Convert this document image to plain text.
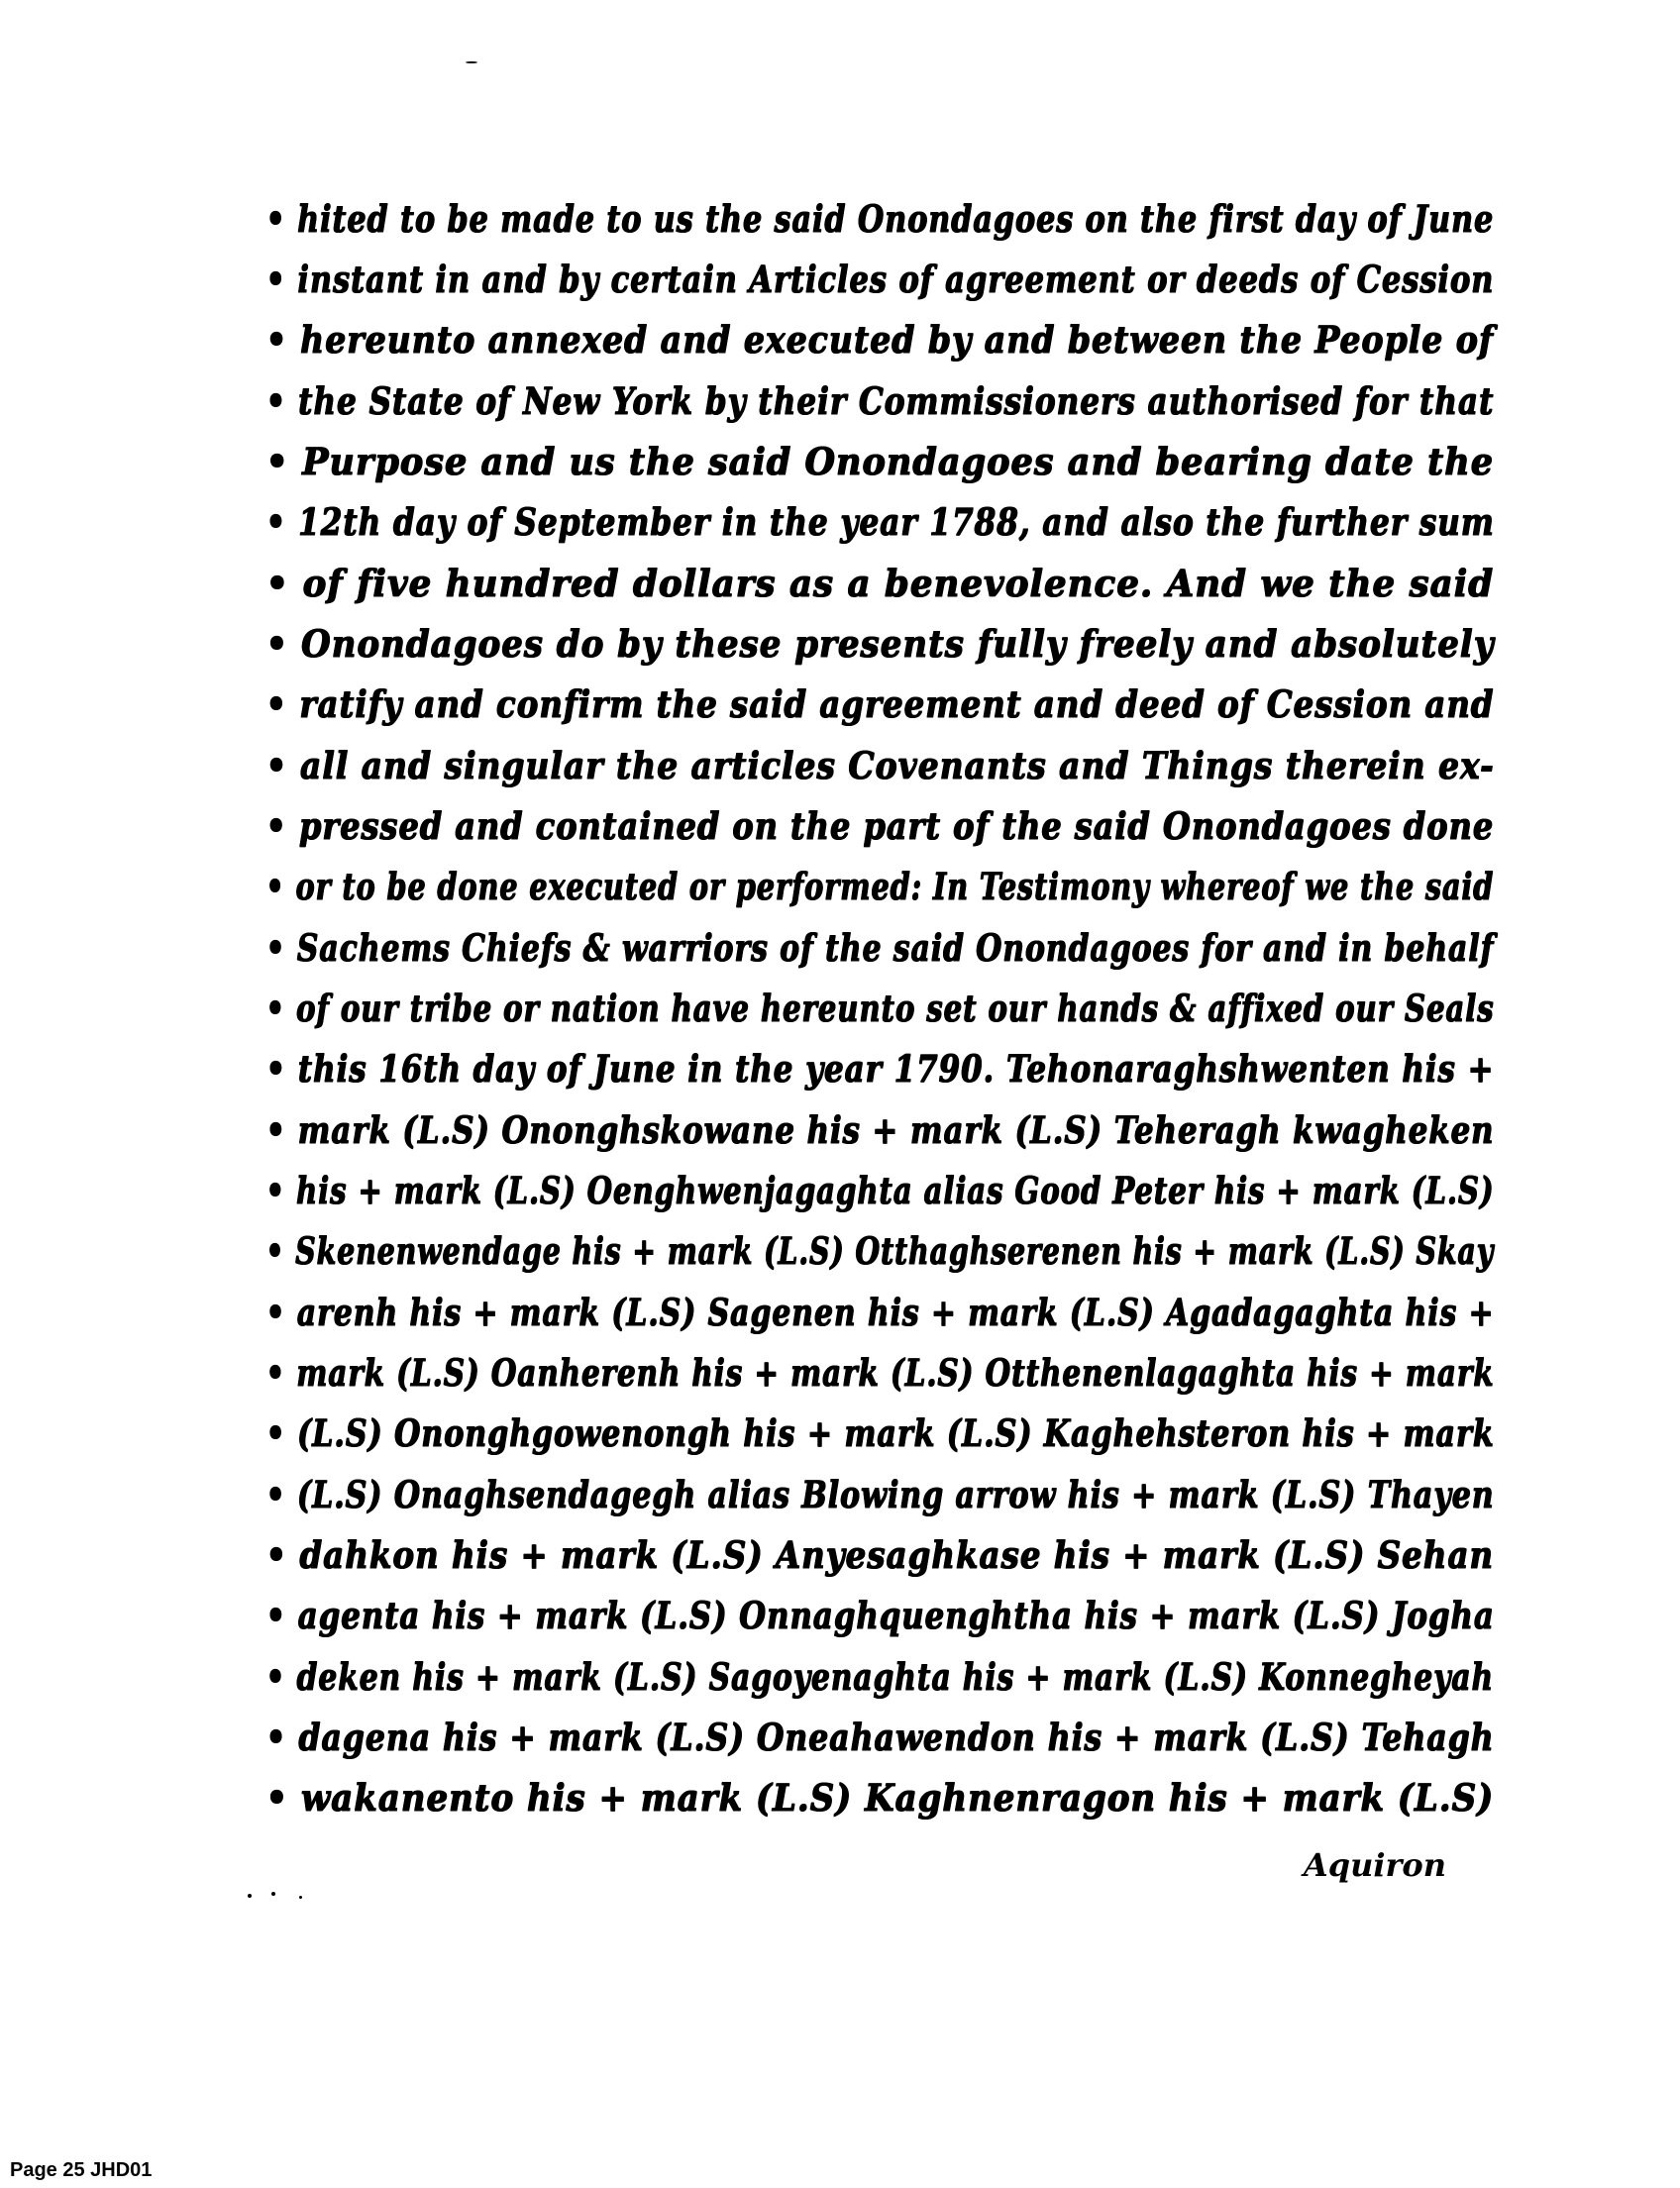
• hited to be made to us the said Onondagoes on the first day of June
• instant in and by certain Articles of agreement or deeds of Cession
• hereunto annexed and executed by and between the People of
• the State of New York by their Commissioners authorised for that
• Purpose and us the said Onondagoes and bearing date the
• 12th day of September in the year 1788, and also the further sum
• of five hundred dollars as a benevolence. And we the said
• Onondagoes do by these presents fully freely and absolutely
• ratify and confirm the said agreement and deed of Cession and
• all and singular the articles Covenants and Things therein ex-
• pressed and contained on the part of the said Onondagoes done
• or to be done executed or performed: In Testimony whereof we the said
• Sachems Chiefs & warriors of the said Onondagoes for and in behalf
• of our tribe or nation have hereunto set our hands & affixed our Seals
• this 16th day of June in the year 1790. Tehonaraghshwenten his +
• mark (L.S) Ononghskowane his + mark (L.S) Teheragh kwagheken
• his + mark (L.S) Oenghwenjagaghta alias Good Peter his + mark (L.S)
• Skenenwendage his + mark (L.S) Otthaghserenen his + mark (L.S) Skay
• arenh his + mark (L.S) Sagenen his + mark (L.S) Agadagaghta his +
• mark (L.S) Oanherenh his + mark (L.S) Otthenenlagaghta his + mark
• (L.S) Ononghgowenongh his + mark (L.S) Kaghehsteron his + mark
• (L.S) Onaghsendagegh alias Blowing arrow his + mark (L.S) Thayen
• dahkon his + mark (L.S) Anyesaghkase his + mark (L.S) Sehan
• agenta his + mark (L.S) Onnaghquenghtha his + mark (L.S) Jogha
• deken his + mark (L.S) Sagoyenaghta his + mark (L.S) Konnegheyah
• dagena his + mark (L.S) Oneahawendon his + mark (L.S) Tehagh
• wakanento his + mark (L.S) Kaghnenragon his + mark (L.S)
Aquiron
Page 25 JHD01
